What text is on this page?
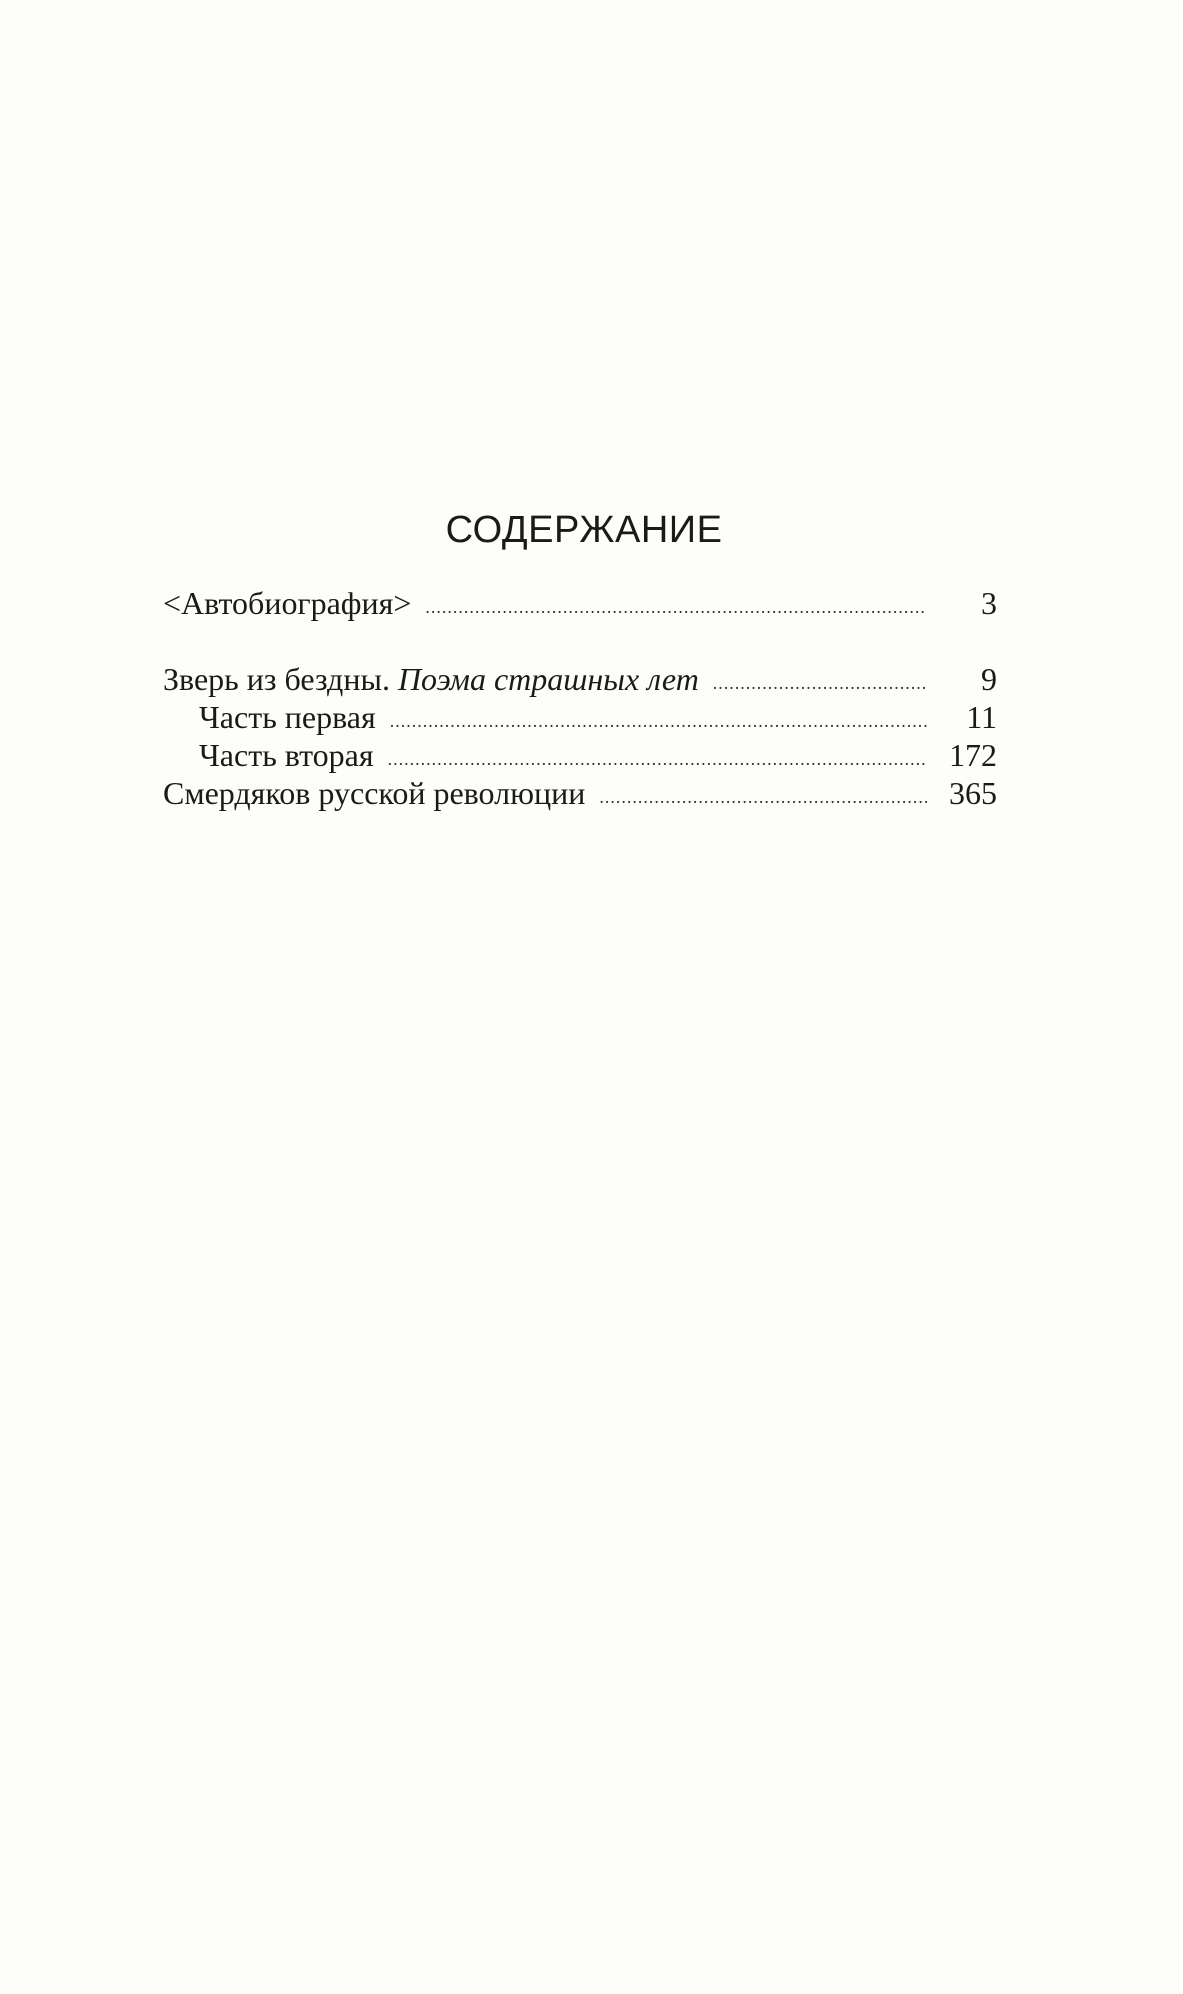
СОДЕРЖАНИЕ
<Автобиография> .....	3
Зверь из бездны. Поэма страшных лет .....	9
Часть первая .....	11
Часть вторая .....	172
Смердяков русской революции .....	365
